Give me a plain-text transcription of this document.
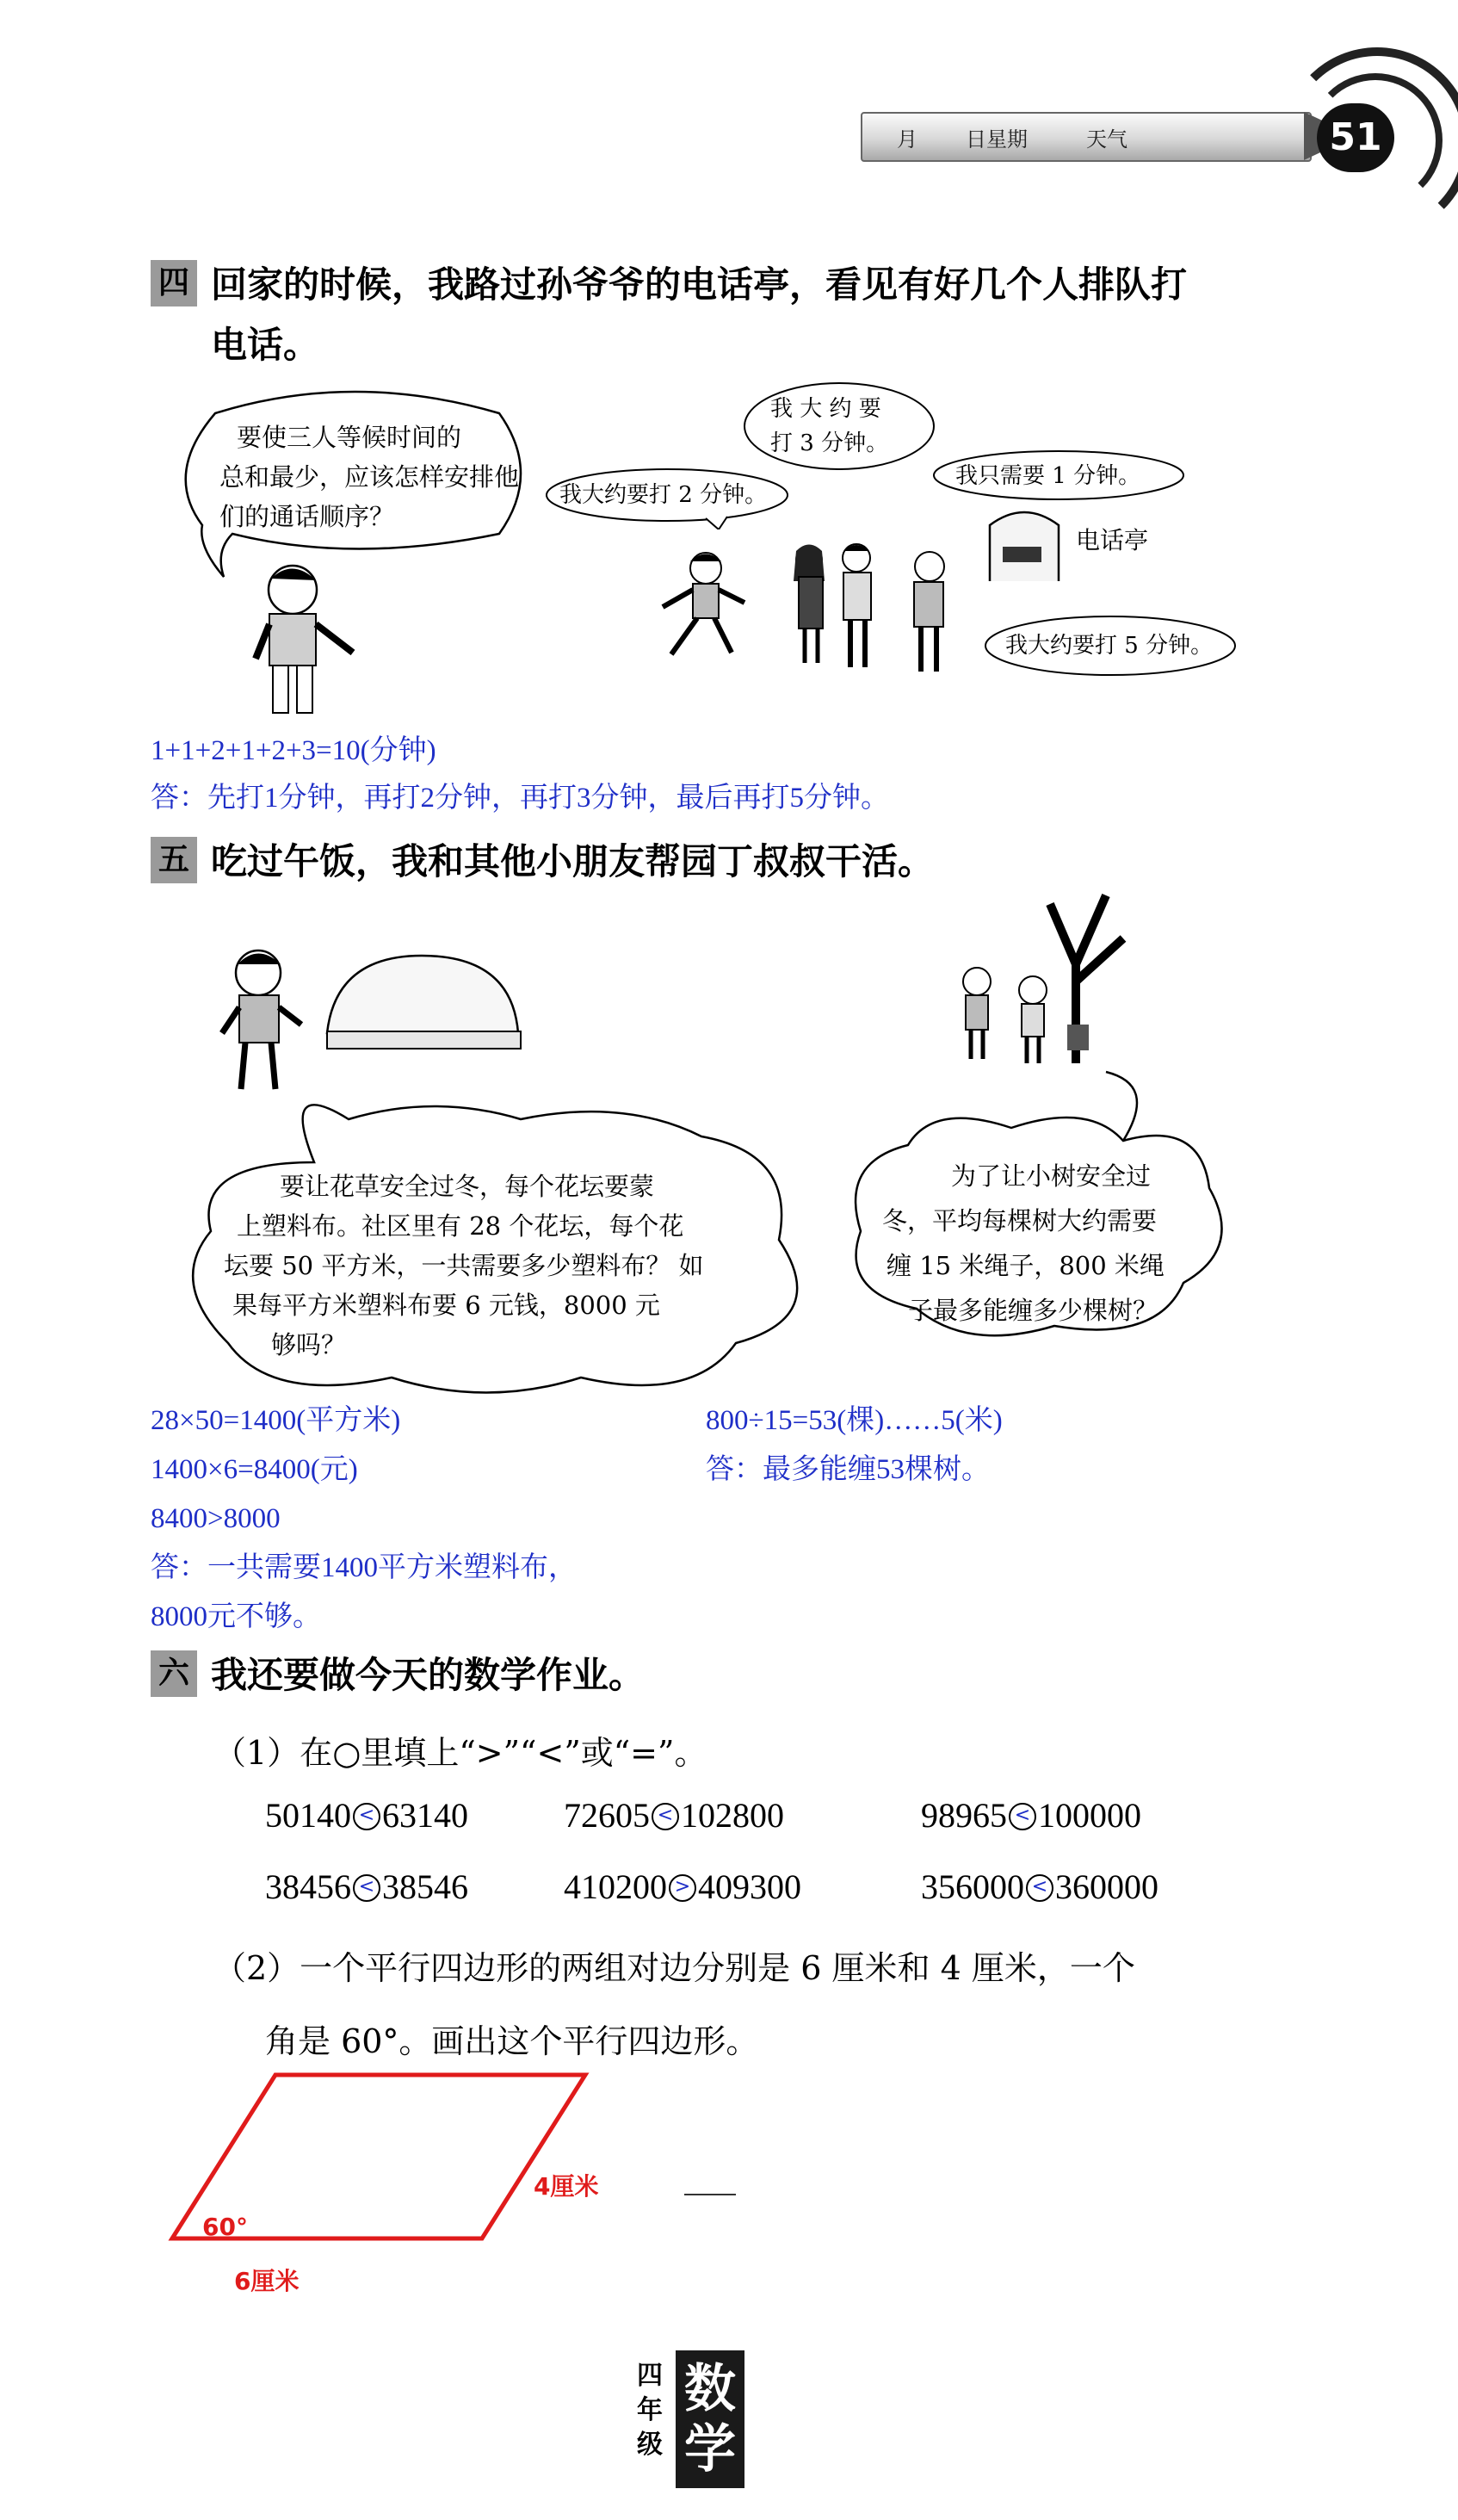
月 日星期	天气	51
四 回家的时候，我路过孙爷爷的电话亭，看见有好几个人排队打
电话。
要使三人等候时间的
总和最少，应该怎样安排他
们的通话顺序？
我大约要打 2 分钟。
我 大 约 要
打 3 分钟。
我只需要 1 分钟。
电话亭
我大约要打 5 分钟。
1+1+2+1+2+3=10(分钟)
答：先打1分钟，再打2分钟，再打3分钟，最后再打5分钟。
五 吃过午饭，我和其他小朋友帮园丁叔叔干活。
要让花草安全过冬，每个花坛要蒙
上塑料布。社区里有 28 个花坛，每个花
坛要 50 平方米，一共需要多少塑料布？ 如
果每平方米塑料布要 6 元钱，8000 元
够吗？
为了让小树安全过
冬，平均每棵树大约需要
缠 15 米绳子，800 米绳
子最多能缠多少棵树？
28×50=1400(平方米)
1400×6=8400(元)
8400>8000
答：一共需要1400平方米塑料布，
8000元不够。
800÷15=53(棵)……5(米)
答：最多能缠53棵树。
六 我还要做今天的数学作业。
（1）在○里填上“>”“<”或“=”。
50140 < 63140	72605 < 102800	98965 < 100000
38456 < 38546	410200 > 409300	356000 < 360000
（2）一个平行四边形的两组对边分别是 6 厘米和 4 厘米，一个
角是 60°。画出这个平行四边形。
60°
6厘米
4厘米
四
年
级
数
学
